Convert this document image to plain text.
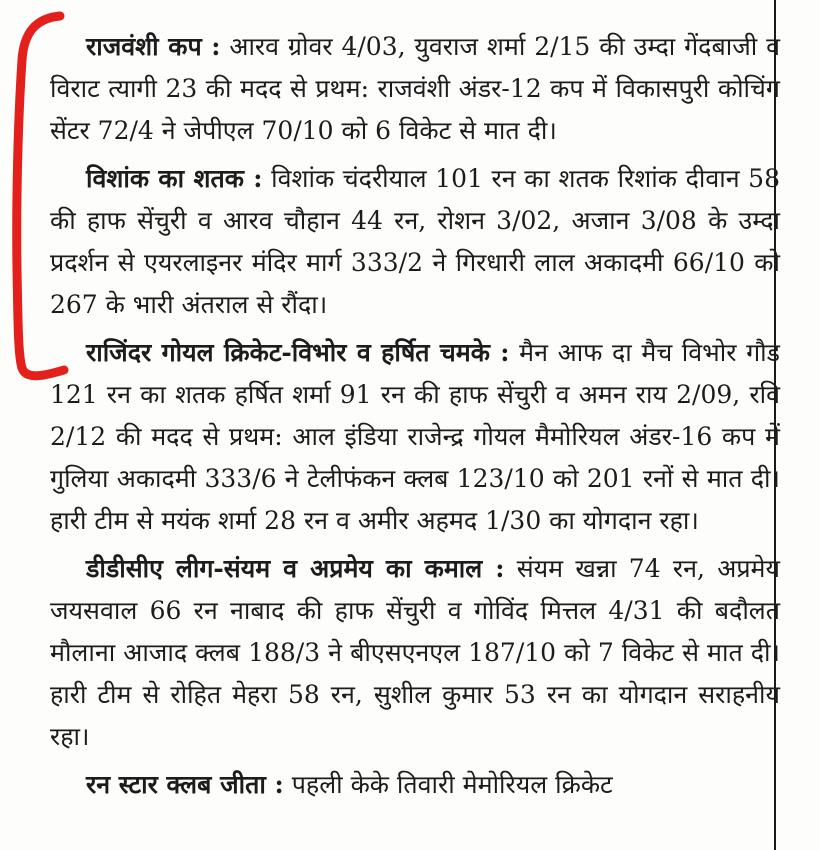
राजवंशी कप : आरव ग्रोवर 4/03, युवराज शर्मा 2/15 की उम्दा गेंदबाजी व विराट त्यागी 23 की मदद से प्रथम: राजवंशी अंडर-12 कप में विकासपुरी कोचिंग सेंटर 72/4 ने जेपीएल 70/10 को 6 विकेट से मात दी।

विशांक का शतक : विशांक चंदरीयाल 101 रन का शतक रिशांक दीवान 58 की हाफ सेंचुरी व आरव चौहान 44 रन, रोशन 3/02, अजान 3/08 के उम्दा प्रदर्शन से एयरलाइनर मंदिर मार्ग 333/2 ने गिरधारी लाल अकादमी 66/10 को 267 के भारी अंतराल से रौंदा।

राजिंदर गोयल क्रिकेट-विभोर व हर्षित चमके : मैन आफ दा मैच विभोर गौड 121 रन का शतक हर्षित शर्मा 91 रन की हाफ सेंचुरी व अमन राय 2/09, रवि 2/12 की मदद से प्रथम: आल इंडिया राजेन्द्र गोयल मैमोरियल अंडर-16 कप में गुलिया अकादमी 333/6 ने टेलीफंकन क्लब 123/10 को 201 रनों से मात दी। हारी टीम से मयंक शर्मा 28 रन व अमीर अहमद 1/30 का योगदान रहा।

डीडीसीए लीग-संयम व अप्रमेय का कमाल : संयम खन्ना 74 रन, अप्रमेय जयसवाल 66 रन नाबाद की हाफ सेंचुरी व गोविंद मित्तल 4/31 की बदौलत मौलाना आजाद क्लब 188/3 ने बीएसएनएल 187/10 को 7 विकेट से मात दी। हारी टीम से रोहित मेहरा 58 रन, सुशील कुमार 53 रन का योगदान सराहनीय रहा।

रन स्टार क्लब जीता : पहली केके तिवारी मेमोरियल क्रिकेट
